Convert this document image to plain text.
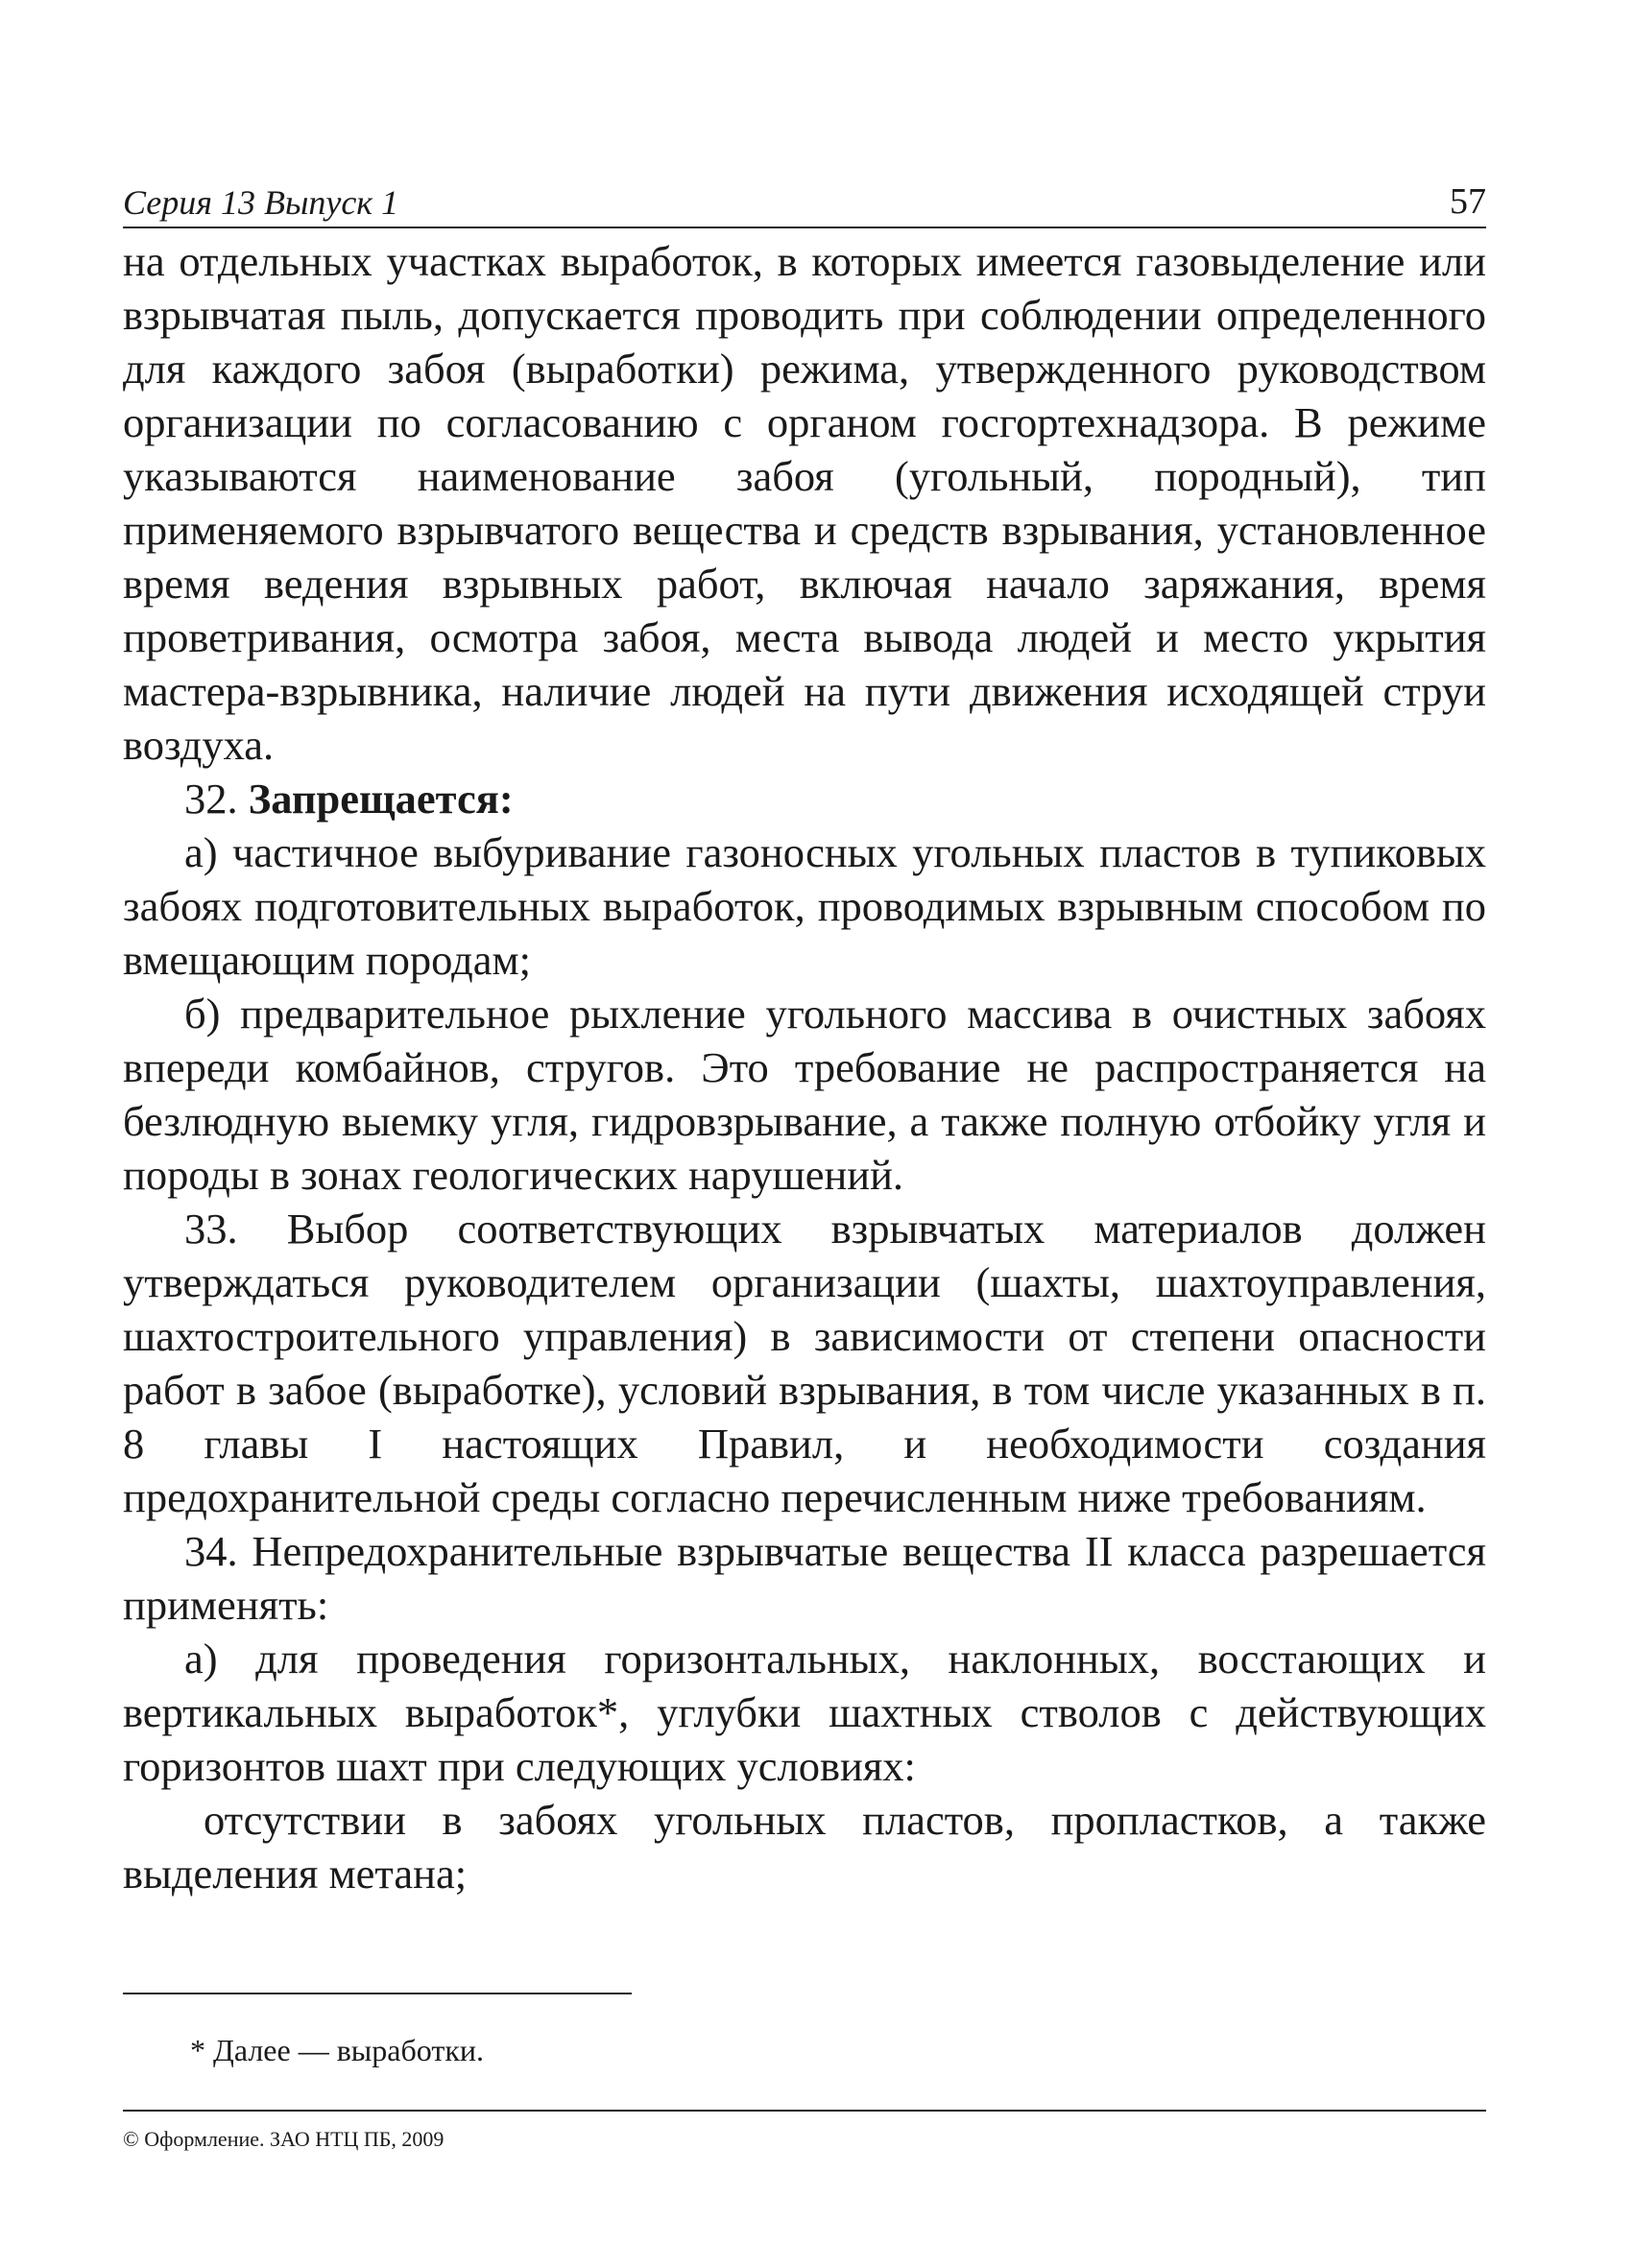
Серия 13 Выпуск 1	57

на отдельных участках выработок, в которых имеется газовыделение или взрывчатая пыль, допускается проводить при соблюдении определенного для каждого забоя (выработки) режима, утвержденного руководством организации по согласованию с органом госгортехнадзора. В режиме указываются наименование забоя (угольный, породный), тип применяемого взрывчатого вещества и средств взрывания, установленное время ведения взрывных работ, включая начало заряжания, время проветривания, осмотра забоя, места вывода людей и место укрытия мастера-взрывника, наличие людей на пути движения исходящей струи воздуха.

32. Запрещается:

а) частичное выбуривание газоносных угольных пластов в тупиковых забоях подготовительных выработок, проводимых взрывным способом по вмещающим породам;

б) предварительное рыхление угольного массива в очистных забоях впереди комбайнов, стругов. Это требование не распространяется на безлюдную выемку угля, гидровзрывание, а также полную отбойку угля и породы в зонах геологических нарушений.

33. Выбор соответствующих взрывчатых материалов должен утверждаться руководителем организации (шахты, шахтоуправления, шахтостроительного управления) в зависимости от степени опасности работ в забое (выработке), условий взрывания, в том числе указанных в п. 8 главы I настоящих Правил, и необходимости создания предохранительной среды согласно перечисленным ниже требованиям.

34. Непредохранительные взрывчатые вещества II класса разрешается применять:

а) для проведения горизонтальных, наклонных, восстающих и вертикальных выработок*, углубки шахтных стволов с действующих горизонтов шахт при следующих условиях:

отсутствии в забоях угольных пластов, пропластков, а также выделения метана;

* Далее — выработки.
© Оформление. ЗАО НТЦ ПБ, 2009
